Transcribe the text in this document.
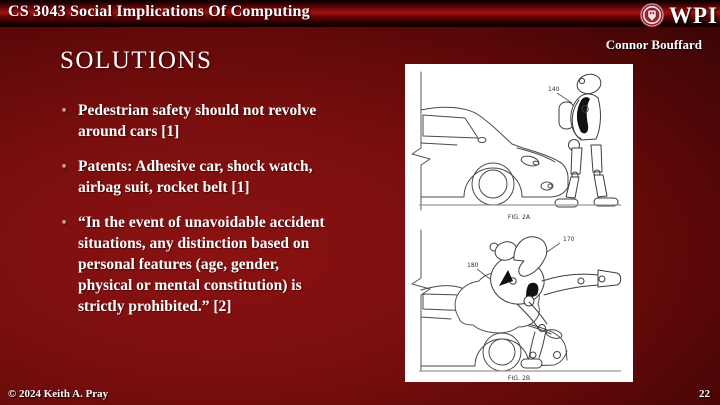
CS 3043 Social Implications Of Computing	WPI
Connor Bouffard
SOLUTIONS
• Pedestrian safety should not revolve around cars [1]
• Patents: Adhesive car, shock watch, airbag suit, rocket belt [1]
• “In the event of unavoidable accident situations, any distinction based on personal features (age, gender, physical or mental constitution) is strictly prohibited.” [2]
140
FIG. 2A
170
180
FIG. 2B
© 2024 Keith A. Pray	22
